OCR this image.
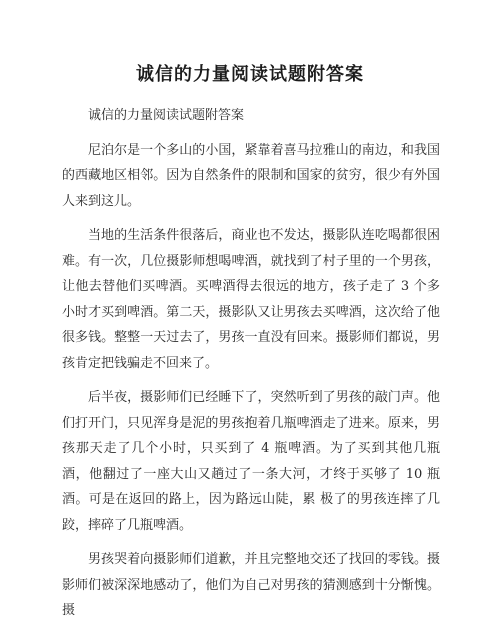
诚信的力量阅读试题附答案

诚信的力量阅读试题附答案

尼泊尔是一个多山的小国，紧靠着喜马拉雅山的南边，和我国的西藏地区相邻。因为自然条件的限制和国家的贫穷，很少有外国人来到这儿。

当地的生活条件很落后，商业也不发达，摄影队连吃喝都很困难。有一次，几位摄影师想喝啤酒，就找到了村子里的一个男孩，让他去替他们买啤酒。买啤酒得去很远的地方，孩子走了 3 个多小时才买到啤酒。第二天，摄影队又让男孩去买啤酒，这次给了他很多钱。整整一天过去了，男孩一直没有回来。摄影师们都说，男孩肯定把钱骗走不回来了。

后半夜，摄影师们已经睡下了，突然听到了男孩的敲门声。他们打开门，只见浑身是泥的男孩抱着几瓶啤酒走了进来。原来，男孩那天走了几个小时，只买到了 4 瓶啤酒。为了买到其他几瓶酒，他翻过了一座大山又趟过了一条大河，才终于买够了 10 瓶酒。可是在返回的路上，因为路远山陡，累 极了的男孩连摔了几跤，摔碎了几瓶啤酒。

男孩哭着向摄影师们道歉，并且完整地交还了找回的零钱。摄影师们被深深地感动了，他们为自己对男孩的猜测感到十分惭愧。摄
